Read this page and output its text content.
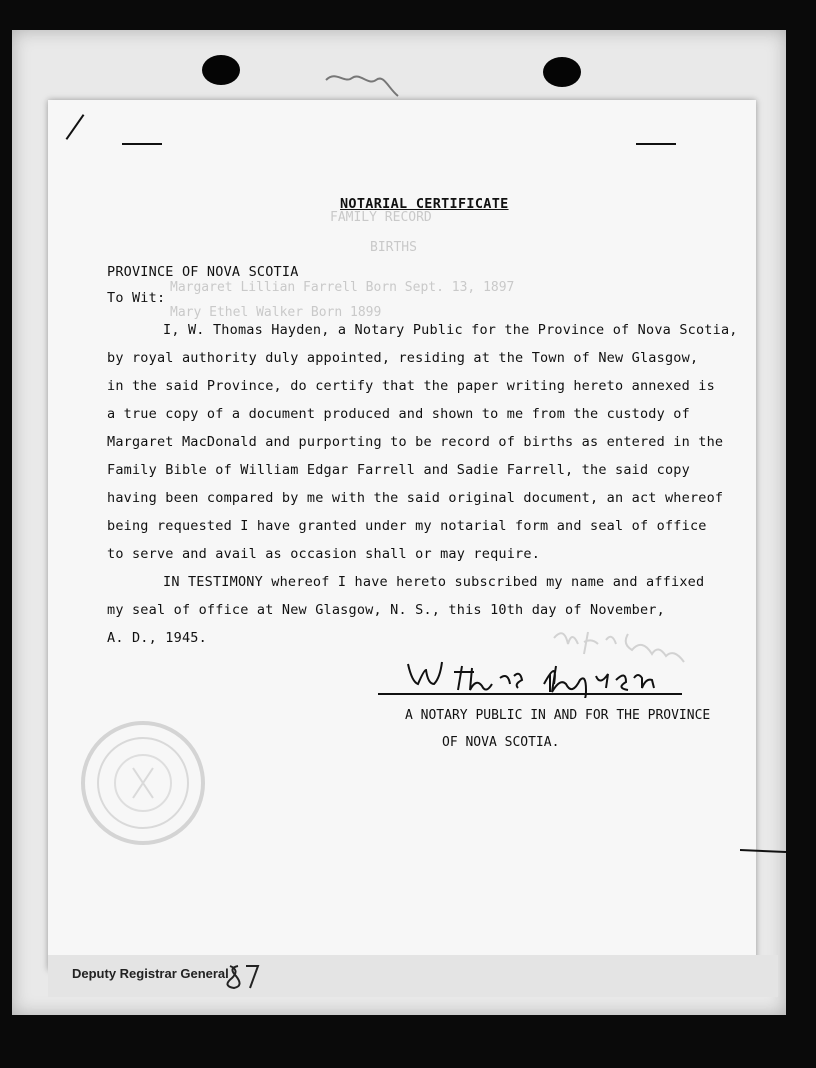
FAMILY RECORD
BIRTHS
Margaret Lillian Farrell Born Sept. 13, 1897
Mary Ethel Walker Born 1899
NOTARIAL CERTIFICATE
PROVINCE OF NOVA SCOTIA
To Wit:
I, W. Thomas Hayden, a Notary Public for the Province of Nova Scotia,
by royal authority duly appointed, residing at the Town of New Glasgow,
in the said Province, do certify that the paper writing hereto annexed is
a true copy of a document produced and shown to me from the custody of
Margaret MacDonald and purporting to be record of births as entered in the
Family Bible of William Edgar Farrell and Sadie Farrell, the said copy
having been compared by me with the said original document, an act whereof
being requested I have granted under my notarial form and seal of office
to serve and avail as occasion shall or may require.
IN TESTIMONY whereof I have hereto subscribed my name and affixed
my seal of office at New Glasgow, N. S., this 10th day of November,
A. D., 1945.
A NOTARY PUBLIC IN AND FOR THE PROVINCE
OF NOVA SCOTIA.
Deputy Registrar General
